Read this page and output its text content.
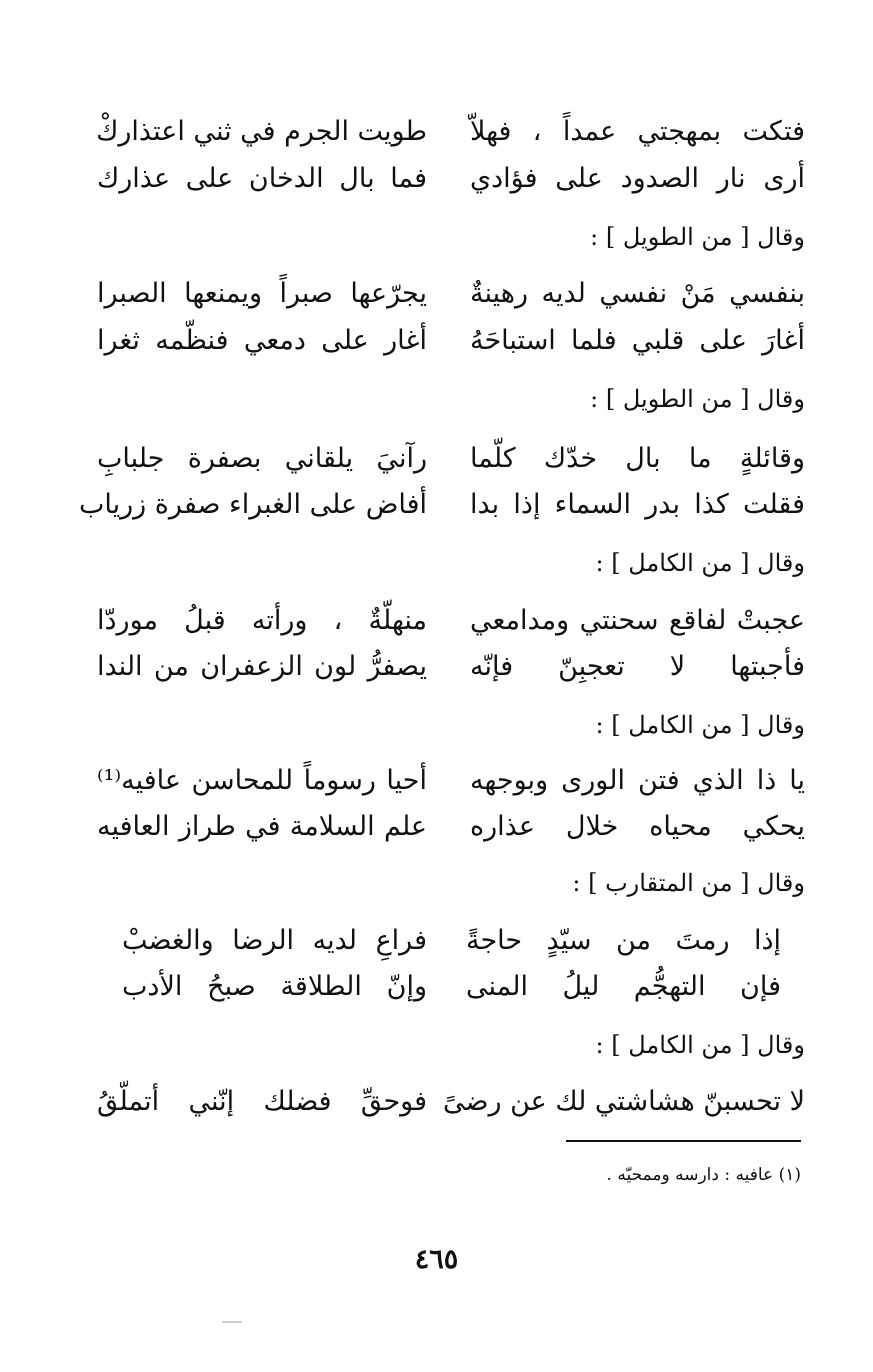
فتكت بمهجتي عمداً ، فهلاّ
طويت الجرم في ثني اعتذاركْ
أرى نار الصدود على فؤادي
فما بال الدخان على عذارك
وقال [ من الطويل ] :
بنفسي مَنْ نفسي لديه رهينةٌ
يجرّعها صبراً ويمنعها الصبرا
أغارَ على قلبي فلما استباحَهُ
أغار على دمعي فنظّمه ثغرا
وقال [ من الطويل ] :
وقائلةٍ ما بال خدّك كلّما
رآنيَ يلقاني بصفرة جلبابِ
فقلت كذا بدر السماء إذا بدا
أفاض على الغبراء صفرة زرياب
وقال [ من الكامل ] :
عجبتْ لفاقع سحنتي ومدامعي
منهلّةٌ ، ورأته قبلُ موردّا
فأجبتها لا تعجبِنّ فإنّه
يصفرُّ لون الزعفران من الندا
وقال [ من الكامل ] :
يا ذا الذي فتن الورى وبوجهه
أحيا رسوماً للمحاسن عافيه⁽¹⁾
يحكي محياه خلال عذاره
علم السلامة في طراز العافيه
وقال [ من المتقارب ] :
إذا رمتَ من سيّدٍ حاجةً
فراعِ لديه الرضا والغضبْ
فإن التهجُّم ليلُ المنى
وإنّ الطلاقة صبحُ الأدب
وقال [ من الكامل ] :
لا تحسبنّ هشاشتي لك عن رضىً
فوحقِّ فضلك إنّني أتملّقُ
(١) عافيه : دارسه وممحيّه .
٤٦٥
